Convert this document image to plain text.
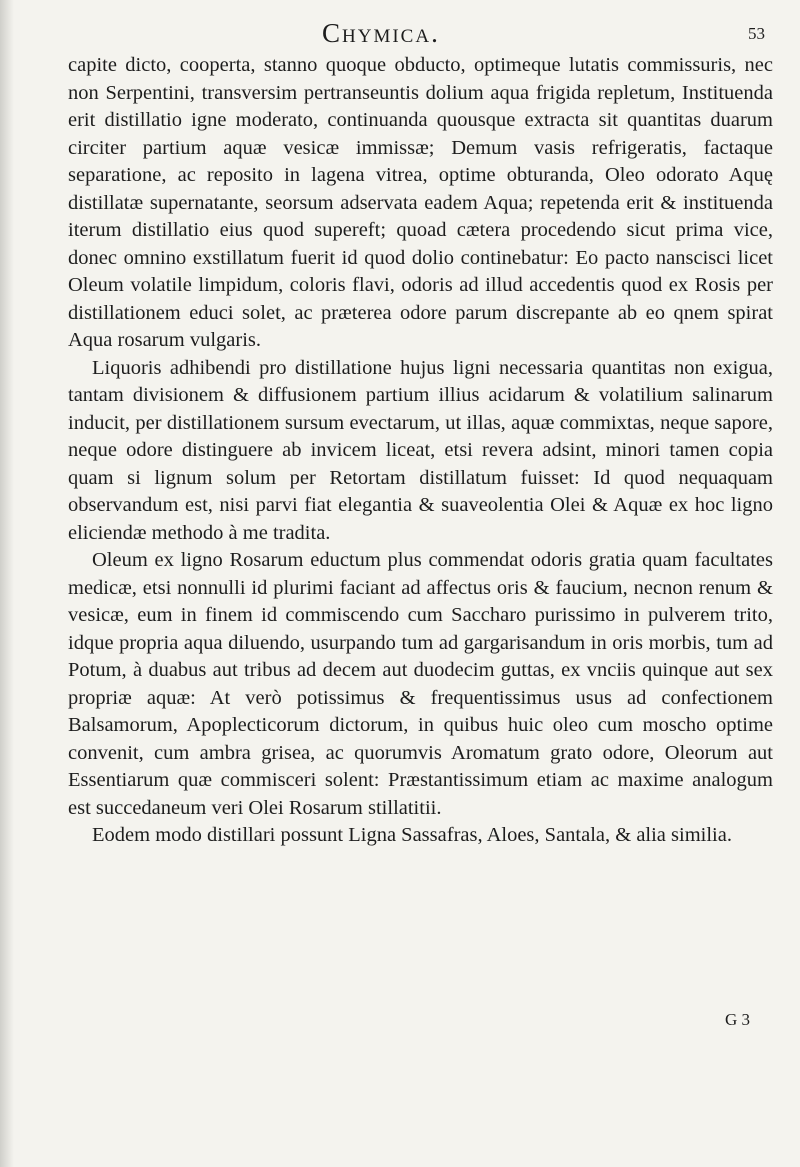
Chymica.	53

capite dicto, cooperta, stanno quoque obducto, optimeque lutatis commissuris, nec non Serpentini, transversim pertranseuntis dolium aqua frigida repletum, Instituenda erit distillatio igne moderato, continuanda quousque extracta sit quantitas duarum circiter partium aquæ vesicæ immissæ; Demum vasis refrigeratis, factaque separatione, ac reposito in lagena vitrea, optime obturanda, Oleo odorato Aquę distillatæ supernatante, seorsum adservata eadem Aqua; repetenda erit & instituenda iterum distillatio eius quod supereft; quoad cætera procedendo sicut prima vice, donec omnino exstillatum fuerit id quod dolio continebatur: Eo pacto nanscisci licet Oleum volatile limpidum, coloris flavi, odoris ad illud accedentis quod ex Rosis per distillationem educi solet, ac prætereа odore parum discrepante ab eo qnem spirat Aqua rosarum vulgaris.

Liquoris adhibendi pro distillatione hujus ligni necessaria quantitas non exigua, tantam divisionem & diffusionem partium illius acidarum & volatilium salinarum inducit, per distillationem sursum evectarum, ut illas, aquæ commixtas, neque sapore, neque odore distinguere ab invicem liceat, etsi revera adsint, minori tamen copia quam si lignum solum per Retortam distillatum fuisset: Id quod nequaquam observandum est, nisi parvi fiat elegantia & suaveolentia Olei & Aquæ ex hoc ligno eliciendæ methodo à me tradita.

Oleum ex ligno Rosarum eductum plus commendat odoris gratia quam facultates medicæ, etsi nonnulli id plurimi faciant ad affectus oris & faucium, necnon renum & vesicæ, eum in finem id commiscendo cum Saccharo purissimo in pulverem trito, idque propria aqua diluendo, usurpando tum ad gargarisandum in oris morbis, tum ad Potum, à duabus aut tribus ad decem aut duodecim guttas, ex vnciis quinque aut sex propriæ aquæ: At verò potissimus & frequentissimus usus ad confectionem Balsamorum, Apoplecticorum dictorum, in quibus huic oleo cum moscho optime convenit, cum ambra grisea, ac quorumvis Aromatum grato odore, Oleorum aut Essentiarum quæ commisceri solent: Præstantissimum etiam ac maxime analogum est succedaneum veri Olei Rosarum stillatitii.

Eodem modo distillari possunt Ligna Sassafras, Aloes, Santala, & alia similia.

G 3
